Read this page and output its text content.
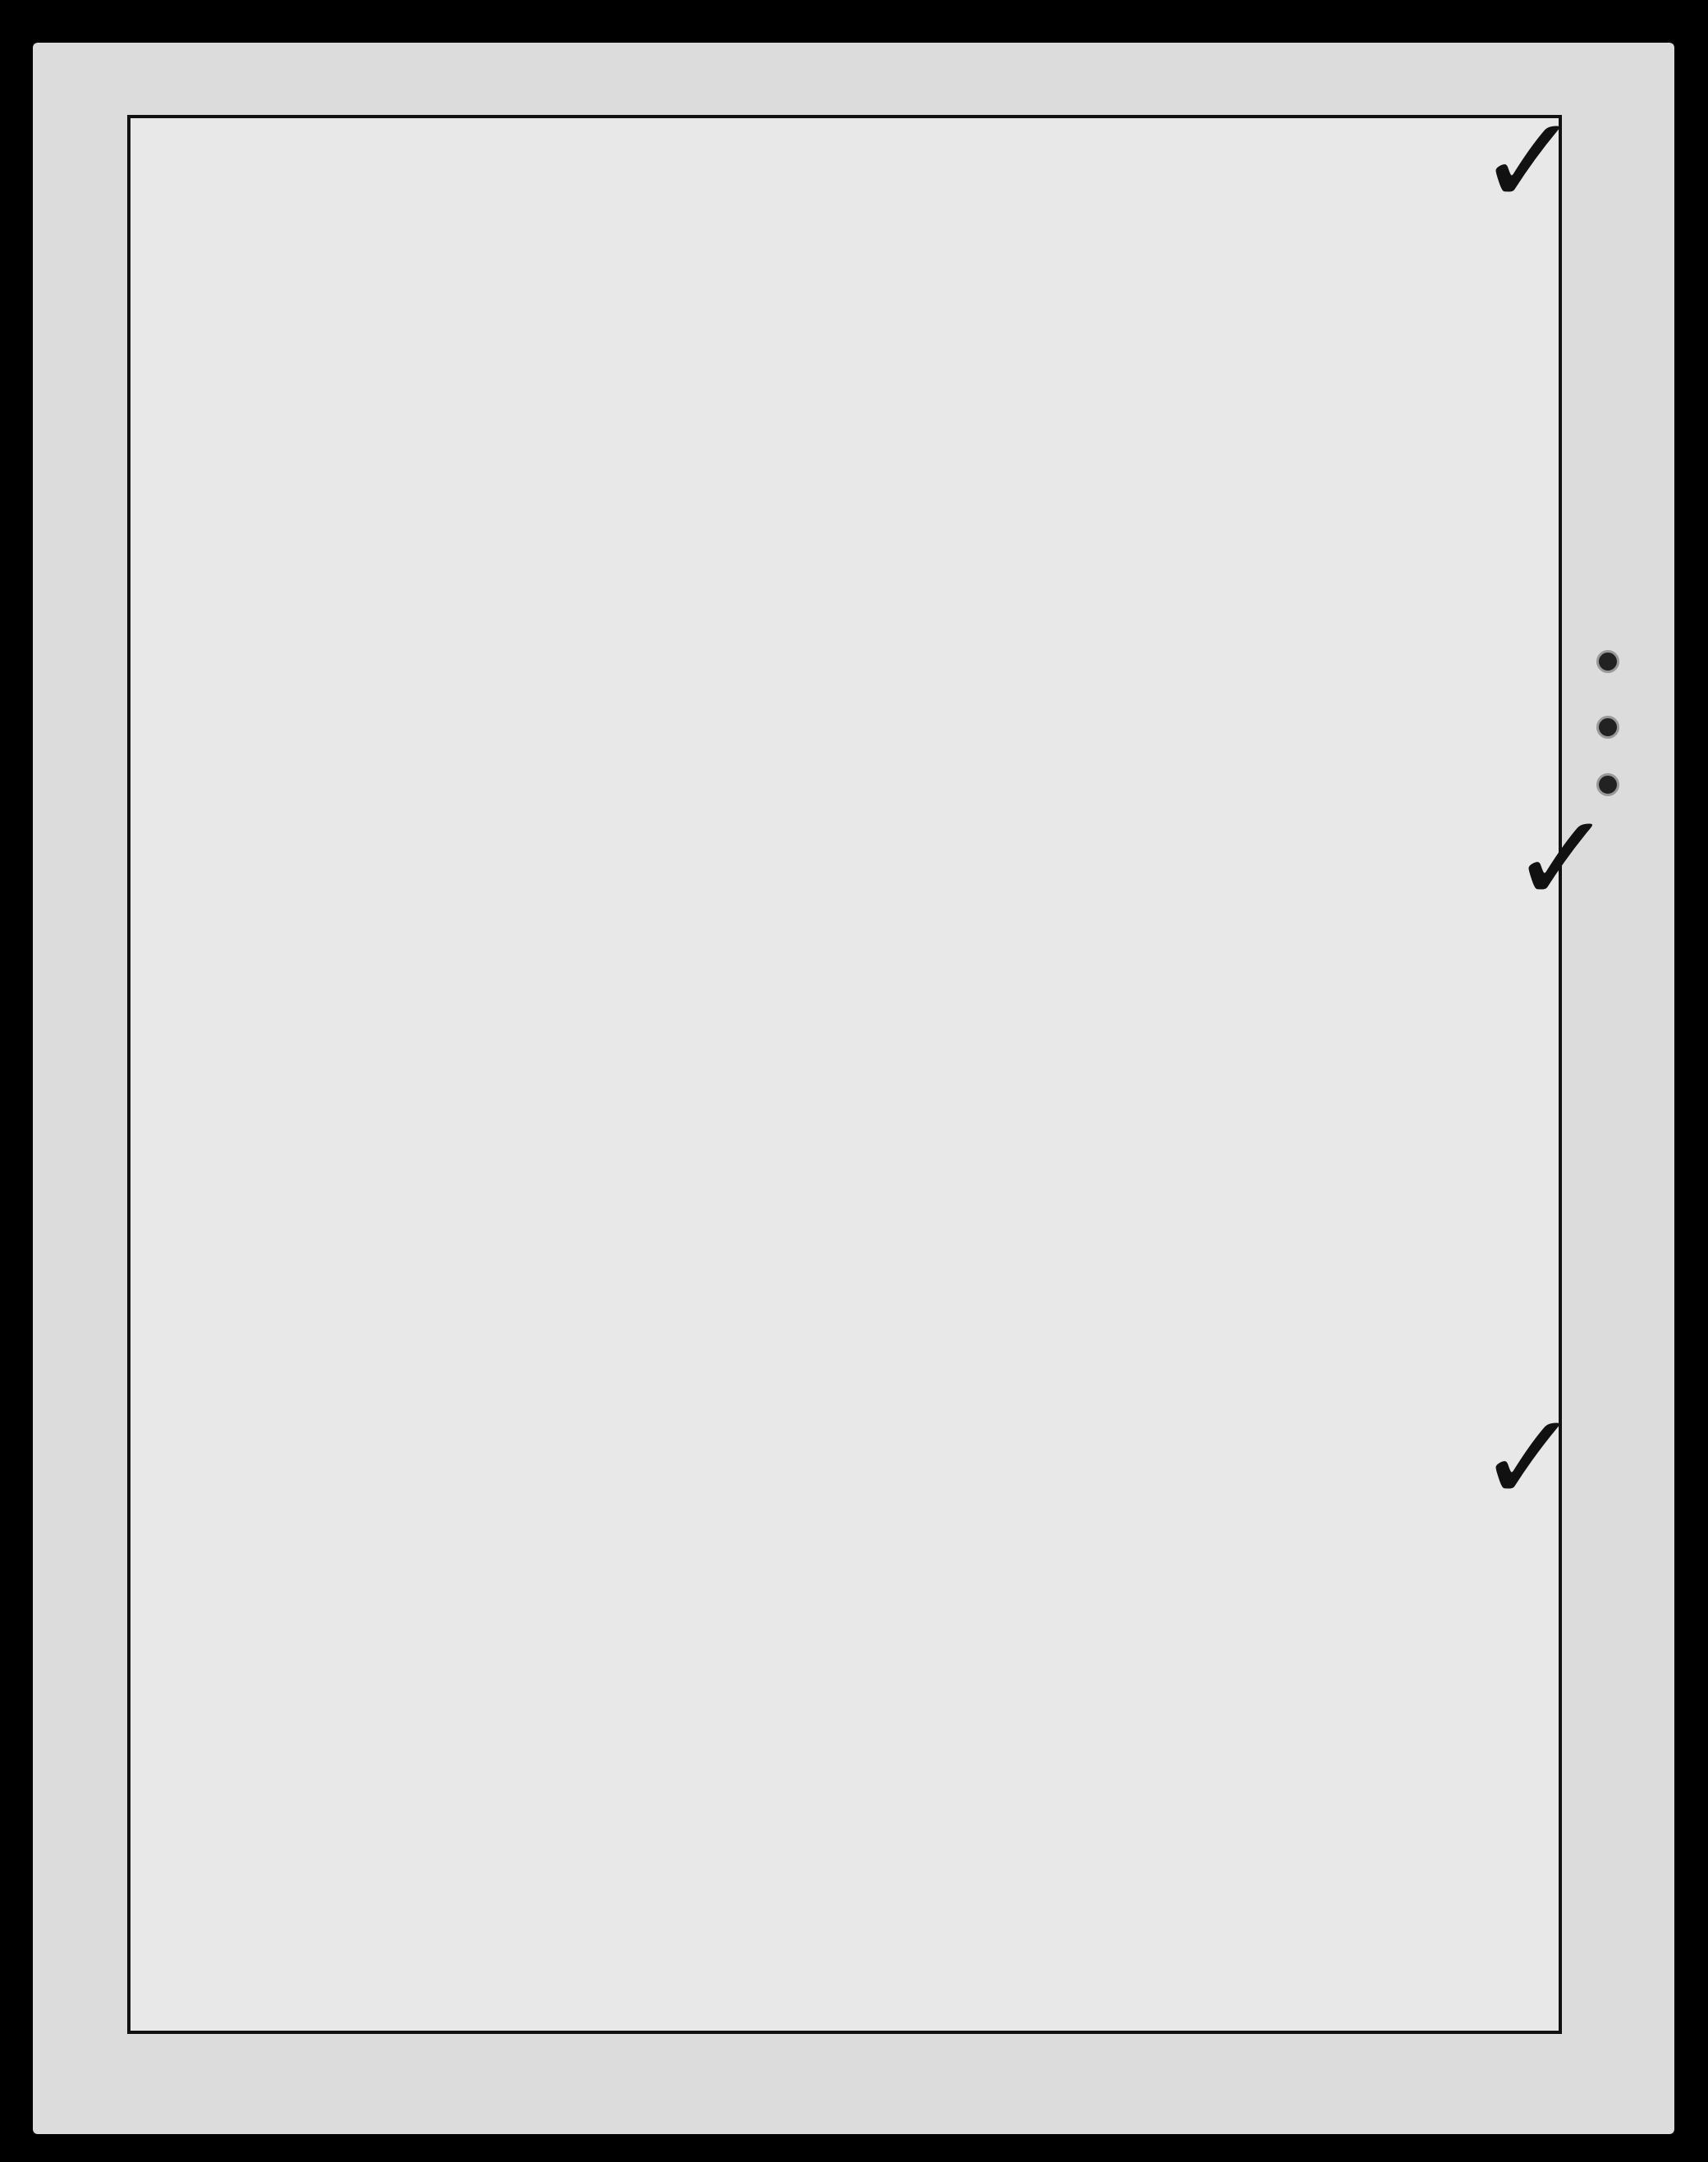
✓
✓
✓
